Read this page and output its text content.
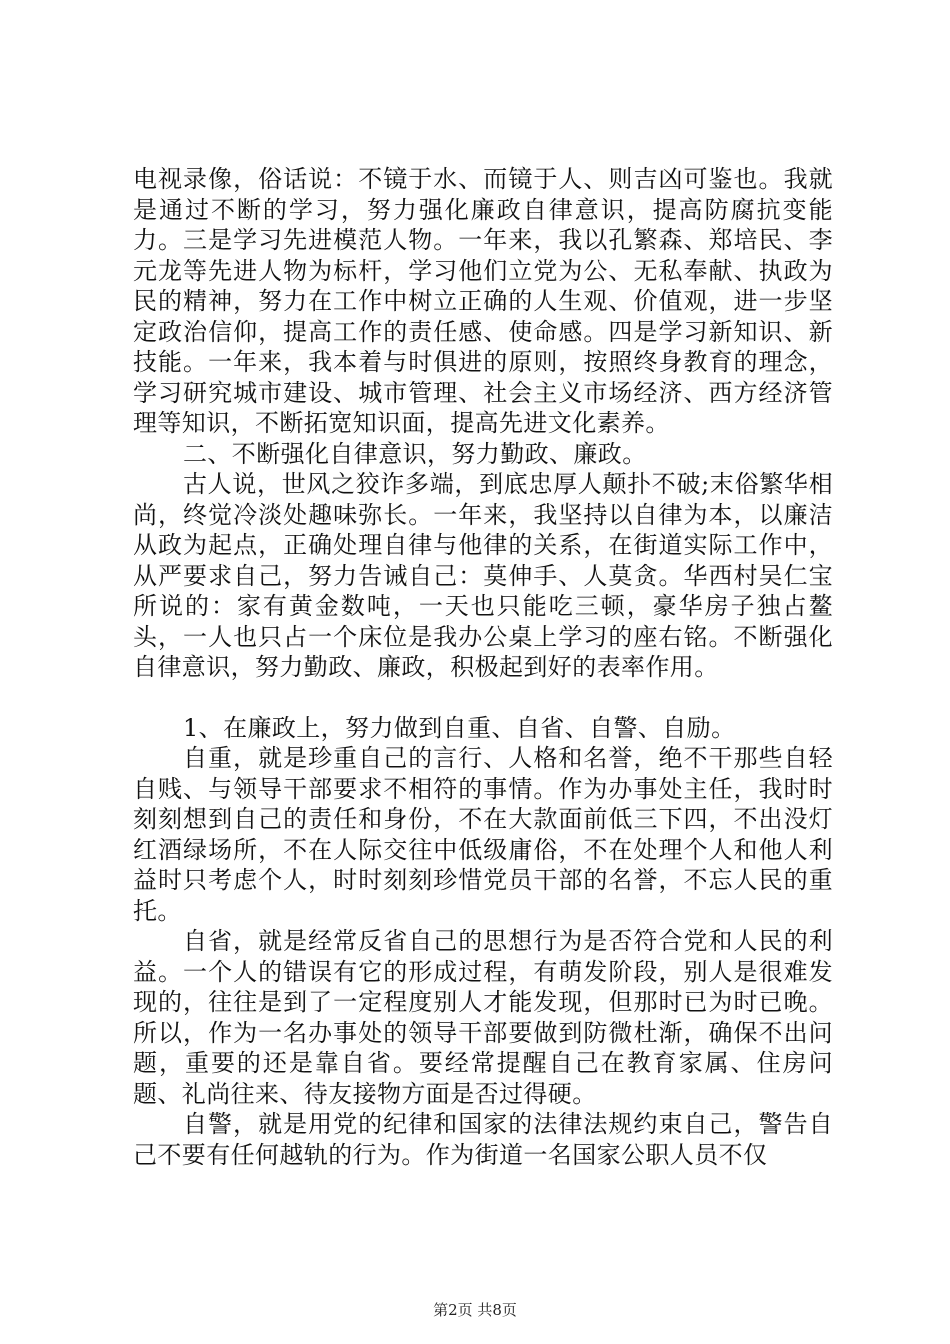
电视录像，俗话说：不镜于水、而镜于人、则吉凶可鉴也。我就是通过不断的学习，努力强化廉政自律意识，提高防腐抗变能力。三是学习先进模范人物。一年来，我以孔繁森、郑培民、李元龙等先进人物为标杆，学习他们立党为公、无私奉献、执政为民的精神，努力在工作中树立正确的人生观、价值观，进一步坚定政治信仰，提高工作的责任感、使命感。四是学习新知识、新技能。一年来，我本着与时俱进的原则，按照终身教育的理念，学习研究城市建设、城市管理、社会主义市场经济、西方经济管理等知识，不断拓宽知识面，提高先进文化素养。

二、不断强化自律意识，努力勤政、廉政。

古人说，世风之狡诈多端，到底忠厚人颠扑不破;末俗繁华相尚，终觉冷淡处趣味弥长。一年来，我坚持以自律为本，以廉洁从政为起点，正确处理自律与他律的关系，在街道实际工作中，从严要求自己，努力告诫自己：莫伸手、人莫贪。华西村吴仁宝所说的：家有黄金数吨，一天也只能吃三顿，豪华房子独占鳌头，一人也只占一个床位是我办公桌上学习的座右铭。不断强化自律意识，努力勤政、廉政，积极起到好的表率作用。

1、在廉政上，努力做到自重、自省、自警、自励。

自重，就是珍重自己的言行、人格和名誉，绝不干那些自轻自贱、与领导干部要求不相符的事情。作为办事处主任，我时时刻刻想到自己的责任和身份，不在大款面前低三下四，不出没灯红酒绿场所，不在人际交往中低级庸俗，不在处理个人和他人利益时只考虑个人，时时刻刻珍惜党员干部的名誉，不忘人民的重托。

自省，就是经常反省自己的思想行为是否符合党和人民的利益。一个人的错误有它的形成过程，有萌发阶段，别人是很难发现的，往往是到了一定程度别人才能发现，但那时已为时已晚。所以，作为一名办事处的领导干部要做到防微杜渐，确保不出问题，重要的还是靠自省。要经常提醒自己在教育家属、住房问题、礼尚往来、待友接物方面是否过得硬。

自警，就是用党的纪律和国家的法律法规约束自己，警告自己不要有任何越轨的行为。作为街道一名国家公职人员不仅

第2页 共8页
